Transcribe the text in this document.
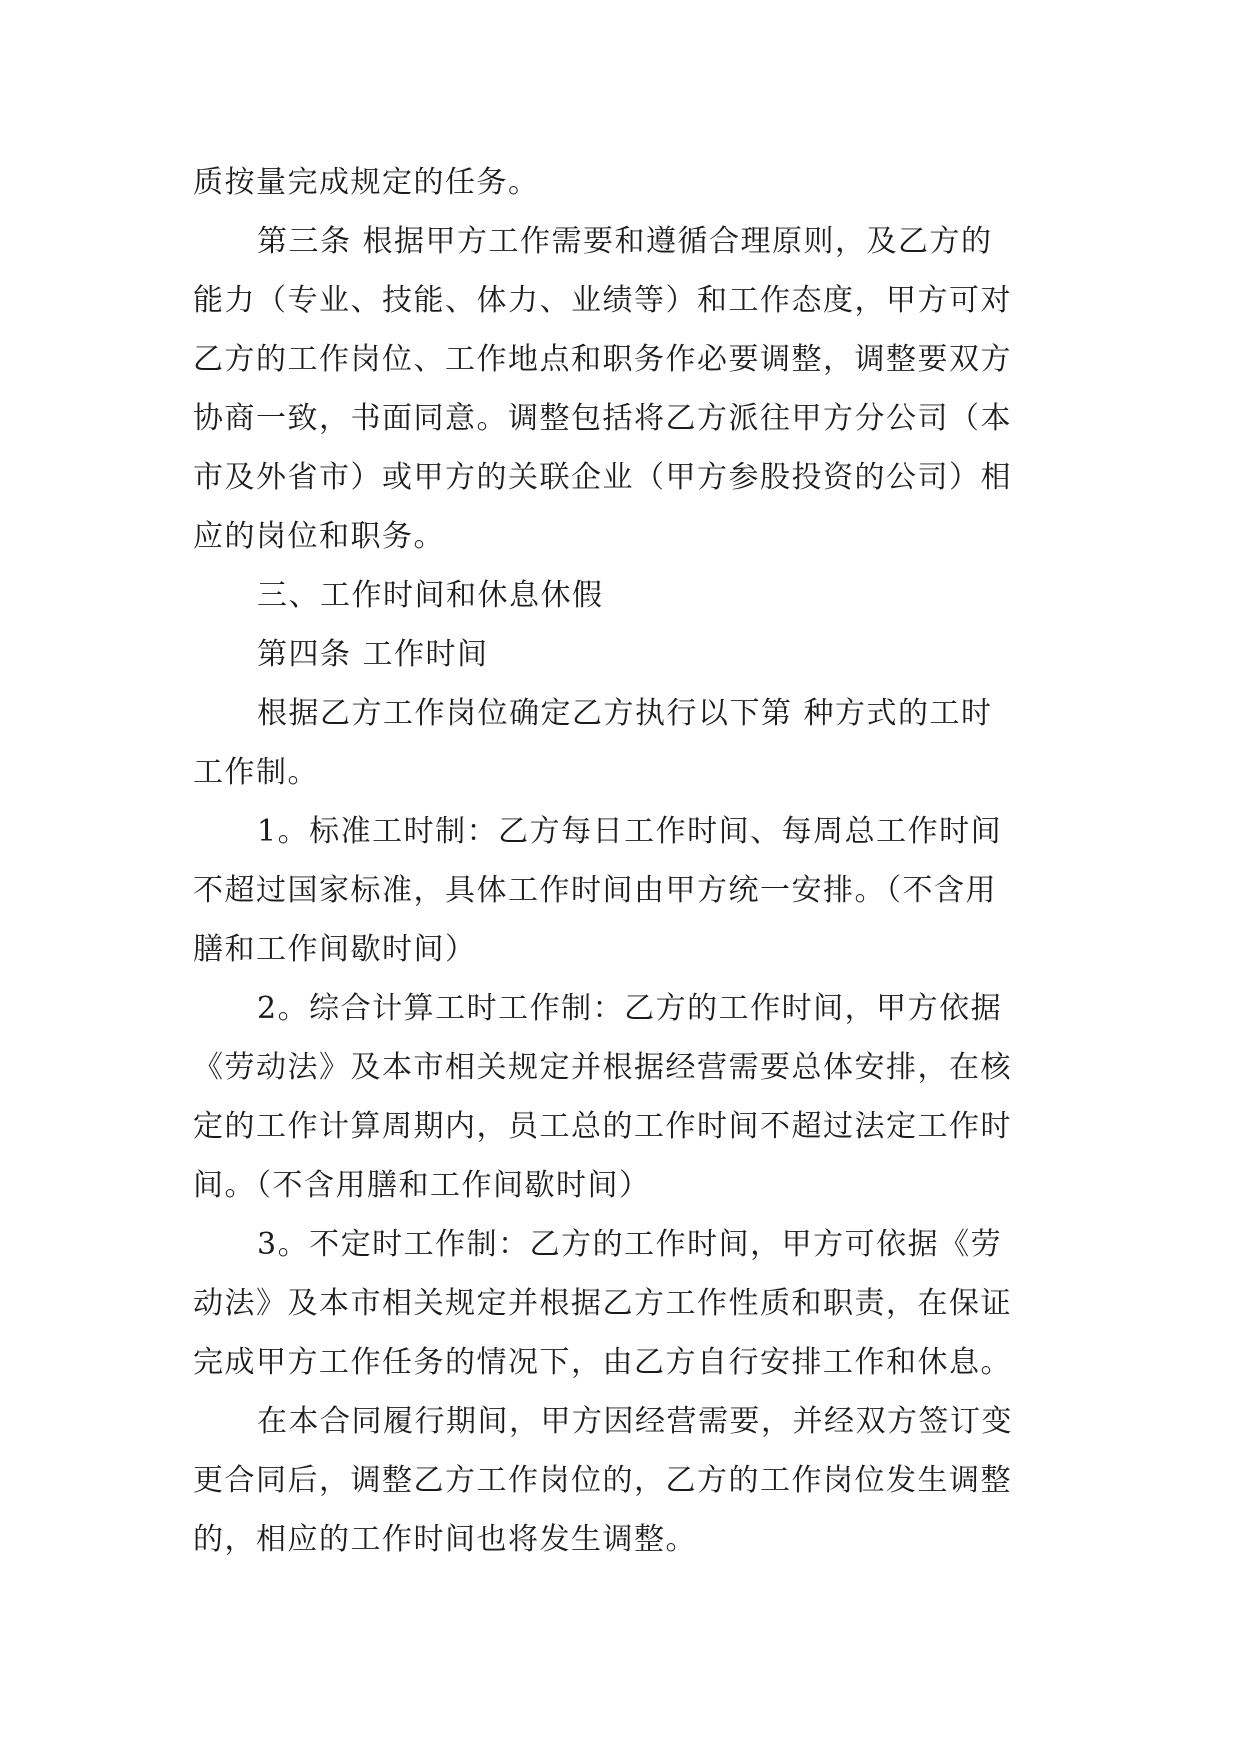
质按量完成规定的任务。
第三条 根据甲方工作需要和遵循合理原则，及乙方的
能力（专业、技能、体力、业绩等）和工作态度，甲方可对
乙方的工作岗位、工作地点和职务作必要调整，调整要双方
协商一致，书面同意。调整包括将乙方派往甲方分公司（本
市及外省市）或甲方的关联企业（甲方参股投资的公司）相
应的岗位和职务。
三、工作时间和休息休假
第四条 工作时间
根据乙方工作岗位确定乙方执行以下第 种方式的工时
工作制。
1。标准工时制：乙方每日工作时间、每周总工作时间
不超过国家标准，具体工作时间由甲方统一安排。（不含用
膳和工作间歇时间）
2。综合计算工时工作制：乙方的工作时间，甲方依据
《劳动法》及本市相关规定并根据经营需要总体安排，在核
定的工作计算周期内，员工总的工作时间不超过法定工作时
间。（不含用膳和工作间歇时间）
3。不定时工作制：乙方的工作时间，甲方可依据《劳
动法》及本市相关规定并根据乙方工作性质和职责，在保证
完成甲方工作任务的情况下，由乙方自行安排工作和休息。
在本合同履行期间，甲方因经营需要，并经双方签订变
更合同后，调整乙方工作岗位的，乙方的工作岗位发生调整
的，相应的工作时间也将发生调整。
